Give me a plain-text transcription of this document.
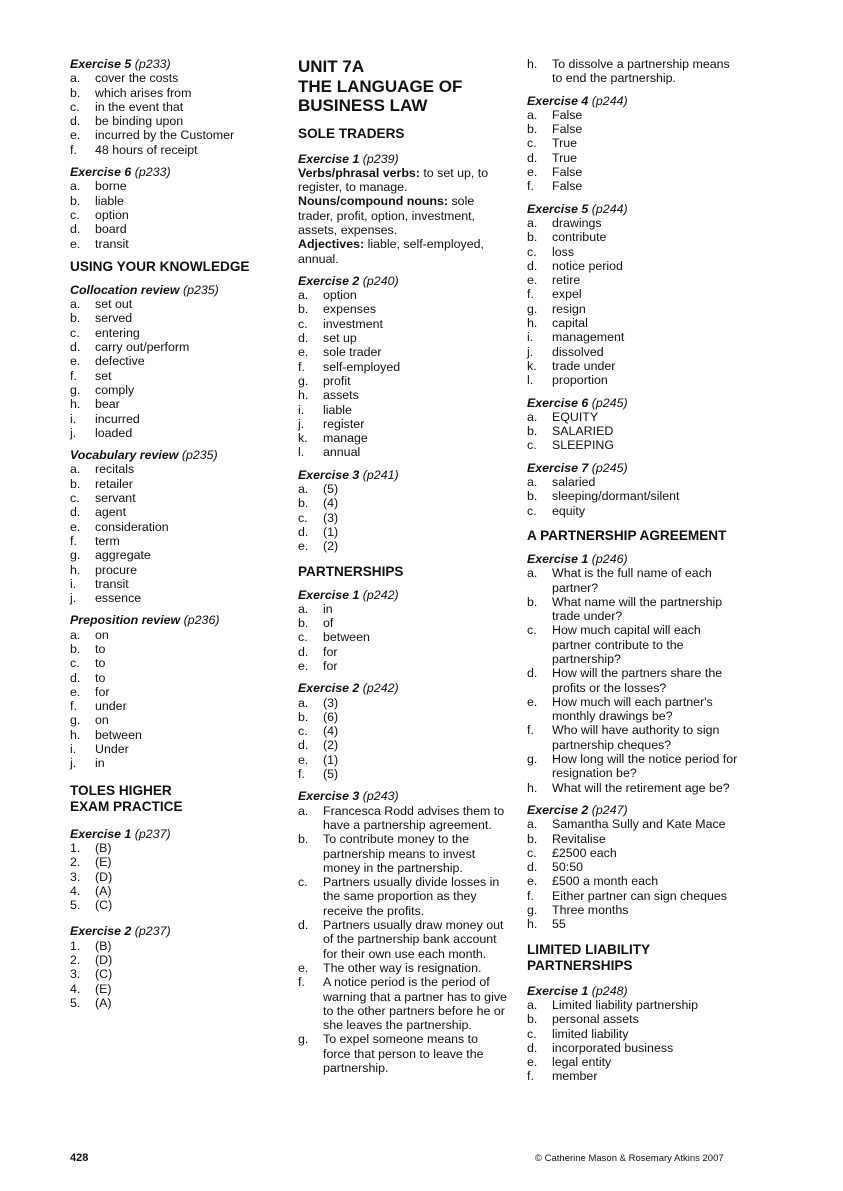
Exercise 5 (p233)
a.	cover the costs
b.	which arises from
c.	in the event that
d.	be binding upon
e.	incurred by the Customer
f.	48 hours of receipt
Exercise 6 (p233)
a.	borne
b.	liable
c.	option
d.	board
e.	transit
USING YOUR KNOWLEDGE
Collocation review (p235)
a.	set out
b.	served
c.	entering
d.	carry out/perform
e.	defective
f.	set
g.	comply
h.	bear
i.	incurred
j.	loaded
Vocabulary review (p235)
a.	recitals
b.	retailer
c.	servant
d.	agent
e.	consideration
f.	term
g.	aggregate
h.	procure
i.	transit
j.	essence
Preposition review (p236)
a.	on
b.	to
c.	to
d.	to
e.	for
f.	under
g.	on
h.	between
i.	Under
j.	in
TOLES HIGHER
EXAM PRACTICE
Exercise 1 (p237)
1.	(B)
2.	(E)
3.	(D)
4.	(A)
5.	(C)
Exercise 2 (p237)
1.	(B)
2.	(D)
3.	(C)
4.	(E)
5.	(A)
UNIT 7A
THE LANGUAGE OF
BUSINESS LAW
SOLE TRADERS
Exercise 1 (p239)

Verbs/phrasal verbs: to set up, to register, to manage.

Nouns/compound nouns: sole trader, profit, option, investment, assets, expenses.

Adjectives: liable, self-employed, annual.

Exercise 2 (p240)
a.	option
b.	expenses
c.	investment
d.	set up
e.	sole trader
f.	self-employed
g.	profit
h.	assets
i.	liable
j.	register
k.	manage
l.	annual
Exercise 3 (p241)
a.	(5)
b.	(4)
c.	(3)
d.	(1)
e.	(2)
PARTNERSHIPS
Exercise 1 (p242)
a.	in
b.	of
c.	between
d.	for
e.	for
Exercise 2 (p242)
a.	(3)
b.	(6)
c.	(4)
d.	(2)
e.	(1)
f.	(5)
Exercise 3 (p243)
a.	Francesca Rodd advises them to have a partnership agreement.
b.	To contribute money to the partnership means to invest money in the partnership.
c.	Partners usually divide losses in the same proportion as they receive the profits.
d.	Partners usually draw money out of the partnership bank account for their own use each month.
e.	The other way is resignation.
f.	A notice period is the period of warning that a partner has to give to the other partners before he or she leaves the partnership.
g.	To expel someone means to force that person to leave the partnership.
h.	To dissolve a partnership means to end the partnership.
Exercise 4 (p244)
a.	False
b.	False
c.	True
d.	True
e.	False
f.	False
Exercise 5 (p244)
a.	drawings
b.	contribute
c.	loss
d.	notice period
e.	retire
f.	expel
g.	resign
h.	capital
i.	management
j.	dissolved
k.	trade under
l.	proportion
Exercise 6 (p245)
a.	EQUITY
b.	SALARIED
c.	SLEEPING
Exercise 7 (p245)
a.	salaried
b.	sleeping/dormant/silent
c.	equity
A PARTNERSHIP AGREEMENT
Exercise 1 (p246)
a.	What is the full name of each partner?
b.	What name will the partnership trade under?
c.	How much capital will each partner contribute to the partnership?
d.	How will the partners share the profits or the losses?
e.	How much will each partner's monthly drawings be?
f.	Who will have authority to sign partnership cheques?
g.	How long will the notice period for resignation be?
h.	What will the retirement age be?
Exercise 2 (p247)
a.	Samantha Sully and Kate Mace
b.	Revitalise
c.	£2500 each
d.	50:50
e.	£500 a month each
f.	Either partner can sign cheques
g.	Three months
h.	55
LIMITED LIABILITY
PARTNERSHIPS
Exercise 1 (p248)
a.	Limited liability partnership
b.	personal assets
c.	limited liability
d.	incorporated business
e.	legal entity
f.	member
428	© Catherine Mason & Rosemary Atkins 2007
